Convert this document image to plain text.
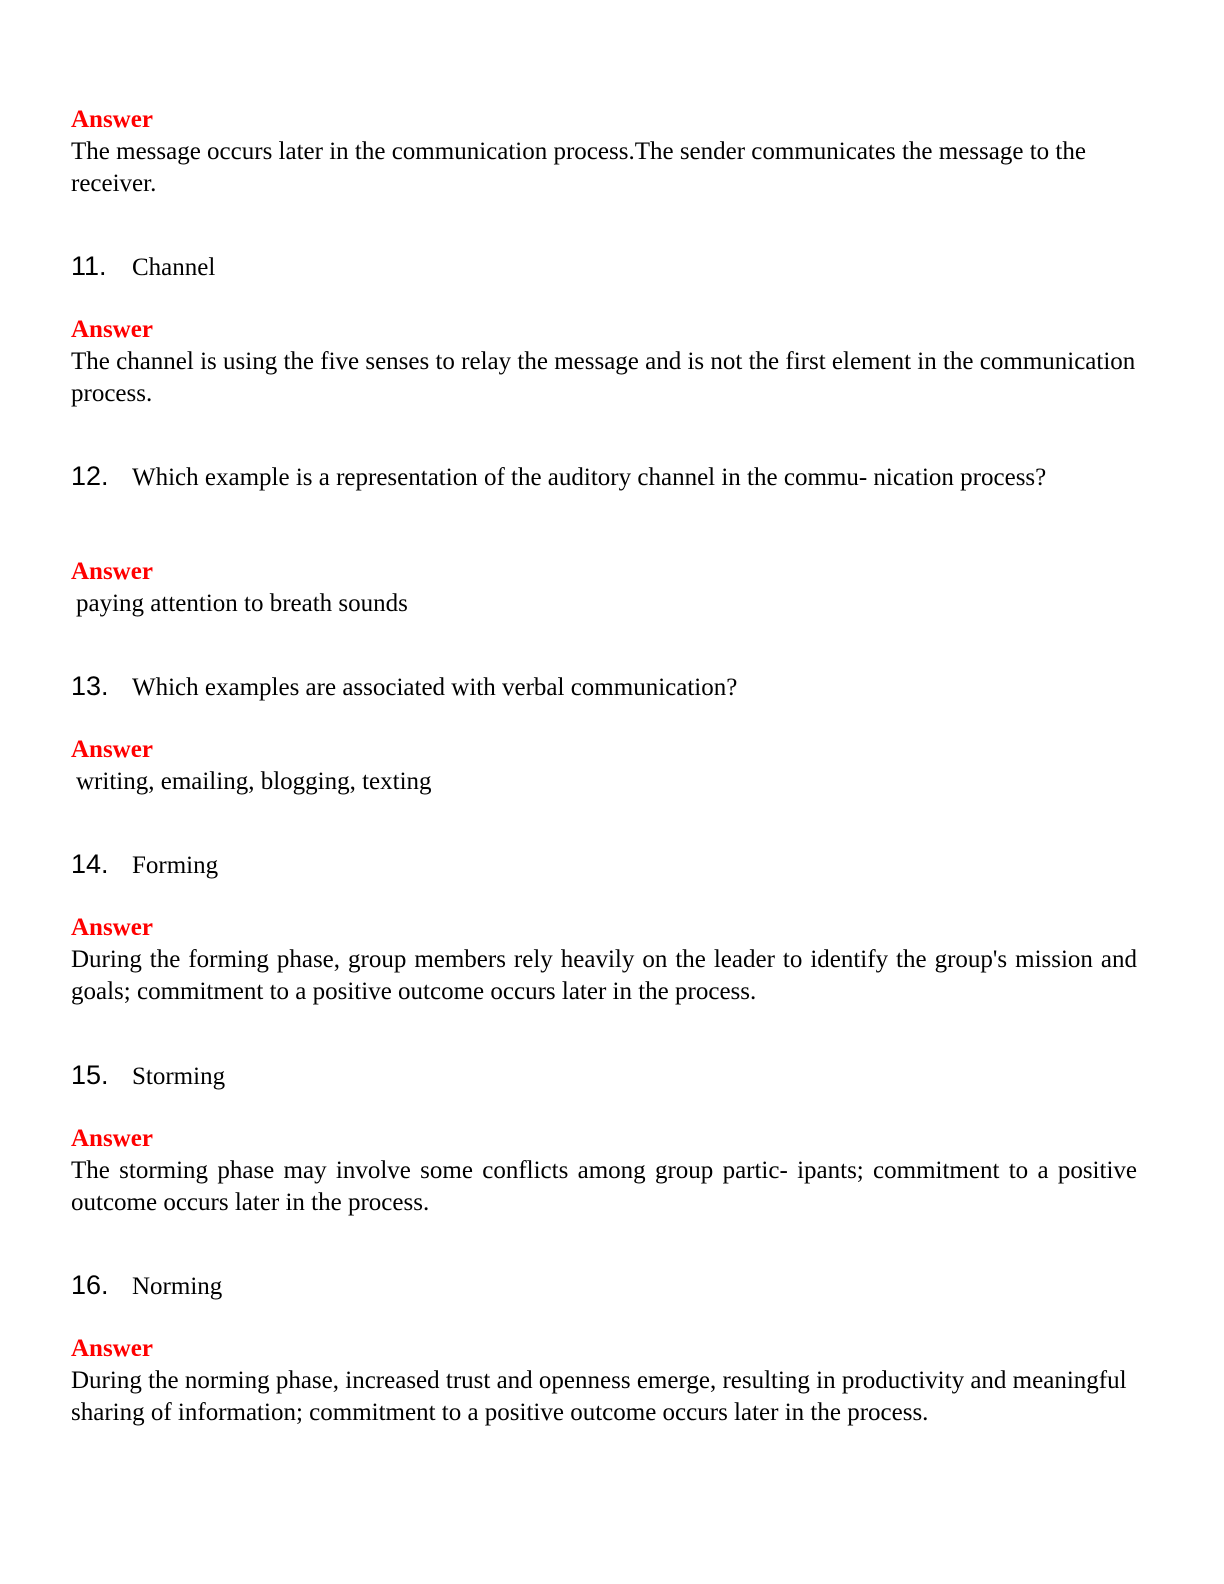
Answer
The message occurs later in the communication process.The sender communicates the message to the receiver.
11. Channel
Answer
The channel is using the five senses to relay the message and is not the first element in the communication process.
12. Which example is a representation of the auditory channel in the commu- nication process?
Answer
paying attention to breath sounds
13. Which examples are associated with verbal communication?
Answer
writing, emailing, blogging, texting
14. Forming
Answer
During the forming phase, group members rely heavily on the leader to identify the group's mission and goals; commitment to a positive outcome occurs later in the process.
15. Storming
Answer
The storming phase may involve some conflicts among group partic- ipants; commitment to a positive outcome occurs later in the process.
16. Norming
Answer
During the norming phase, increased trust and openness emerge, resulting in productivity and meaningful sharing of information; commitment to a positive outcome occurs later in the process.
